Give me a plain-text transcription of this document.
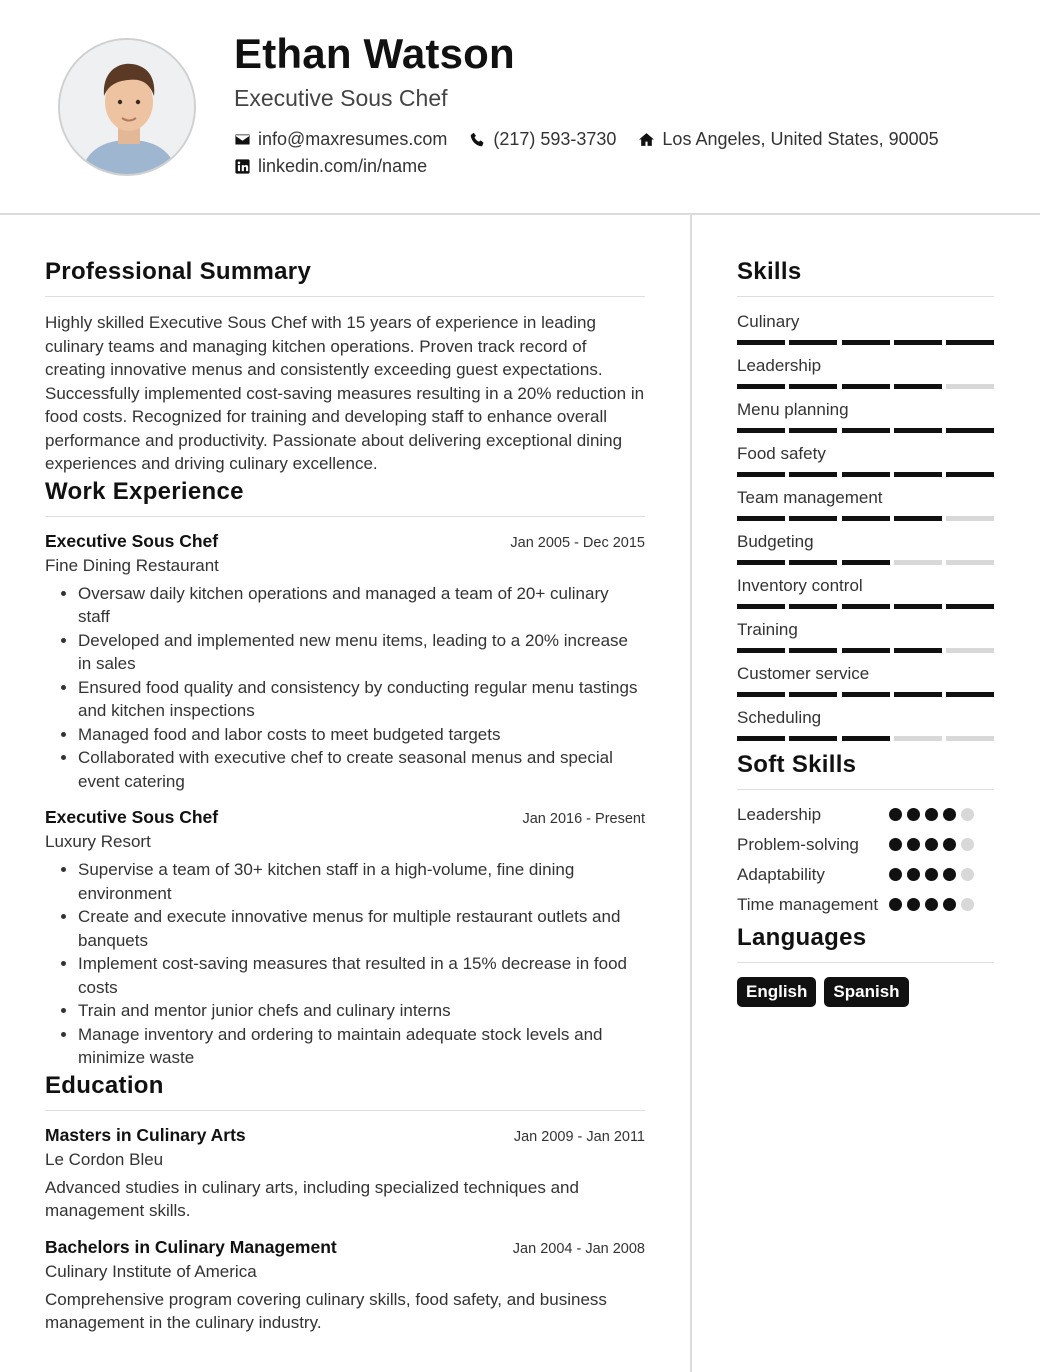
Ethan Watson
Executive Sous Chef
info@maxresumes.com	(217) 593-3730	Los Angeles, United States, 90005
linkedin.com/in/name
Professional Summary

Highly skilled Executive Sous Chef with 15 years of experience in leading culinary teams and managing kitchen operations. Proven track record of creating innovative menus and consistently exceeding guest expectations. Successfully implemented cost-saving measures resulting in a 20% reduction in food costs. Recognized for training and developing staff to enhance overall performance and productivity. Passionate about delivering exceptional dining experiences and driving culinary excellence.

Work Experience
Executive Sous Chef	Jan 2005 - Dec 2015
Fine Dining Restaurant
• Oversaw daily kitchen operations and managed a team of 20+ culinary staff
• Developed and implemented new menu items, leading to a 20% increase in sales
• Ensured food quality and consistency by conducting regular menu tastings and kitchen inspections
• Managed food and labor costs to meet budgeted targets
• Collaborated with executive chef to create seasonal menus and special event catering
Executive Sous Chef	Jan 2016 - Present
Luxury Resort
• Supervise a team of 30+ kitchen staff in a high-volume, fine dining environment
• Create and execute innovative menus for multiple restaurant outlets and banquets
• Implement cost-saving measures that resulted in a 15% decrease in food costs
• Train and mentor junior chefs and culinary interns
• Manage inventory and ordering to maintain adequate stock levels and minimize waste
Education
Masters in Culinary Arts	Jan 2009 - Jan 2011
Le Cordon Bleu
Advanced studies in culinary arts, including specialized techniques and management skills.
Bachelors in Culinary Management	Jan 2004 - Jan 2008
Culinary Institute of America
Comprehensive program covering culinary skills, food safety, and business management in the culinary industry.
Skills
Culinary
Leadership
Menu planning
Food safety
Team management
Budgeting
Inventory control
Training
Customer service
Scheduling
Soft Skills
Leadership
Problem-solving
Adaptability
Time management
Languages
English	Spanish
